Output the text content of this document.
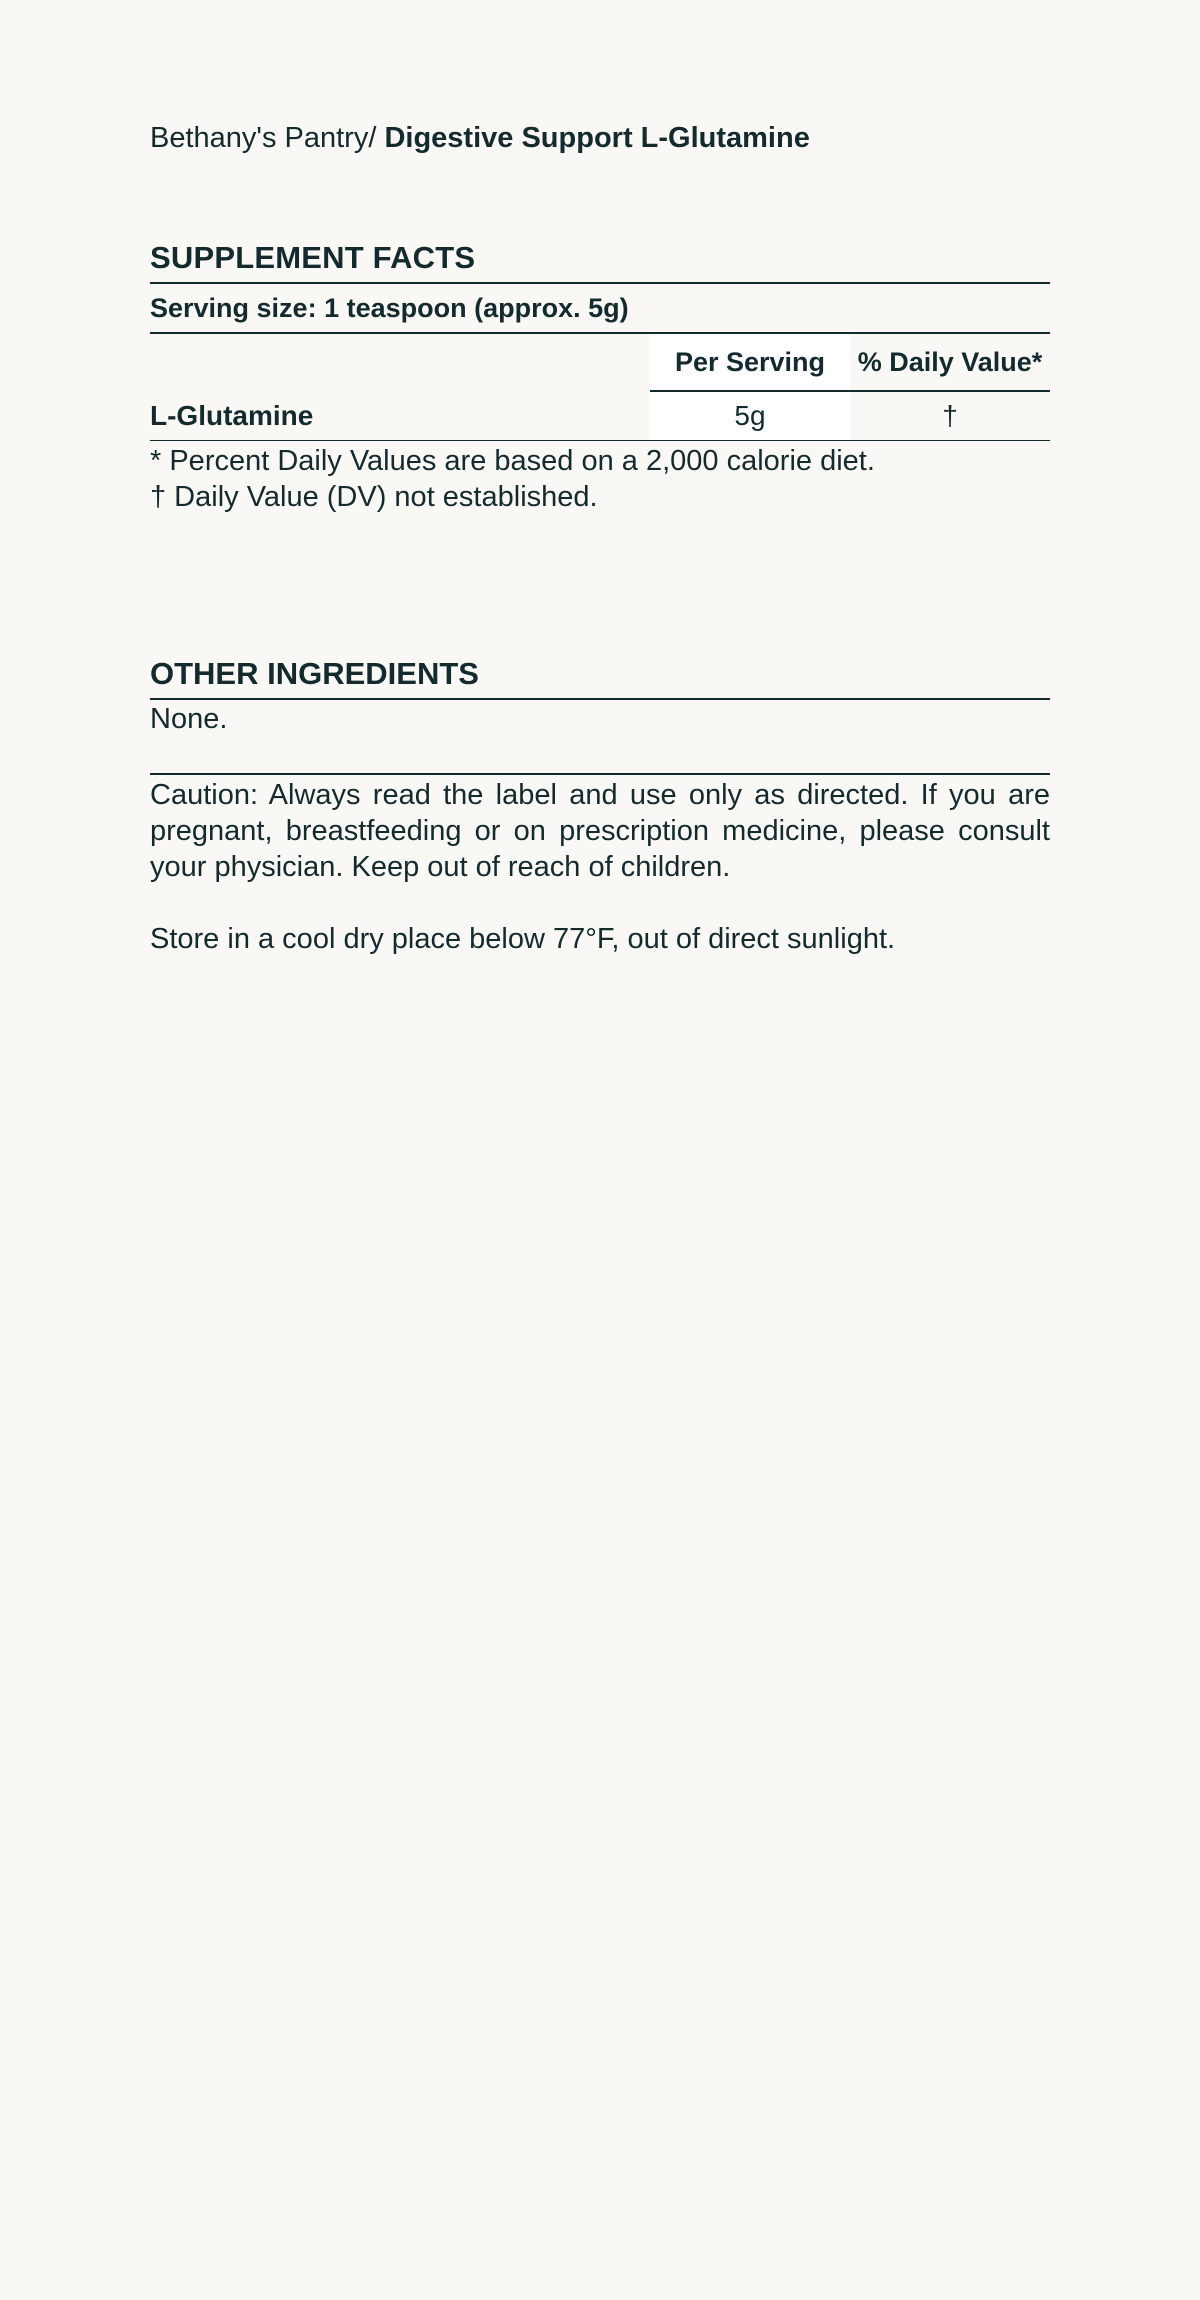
Bethany's Pantry/ Digestive Support L-Glutamine
SUPPLEMENT FACTS
Serving size: 1 teaspoon (approx. 5g)
	Per Serving	% Daily Value*
L-Glutamine	5g	†
* Percent Daily Values are based on a 2,000 calorie diet.
† Daily Value (DV) not established.
OTHER INGREDIENTS
None.

Caution: Always read the label and use only as directed. If you are pregnant, breastfeeding or on prescription medicine, please consult your physician. Keep out of reach of children.

Store in a cool dry place below 77°F, out of direct sunlight.
